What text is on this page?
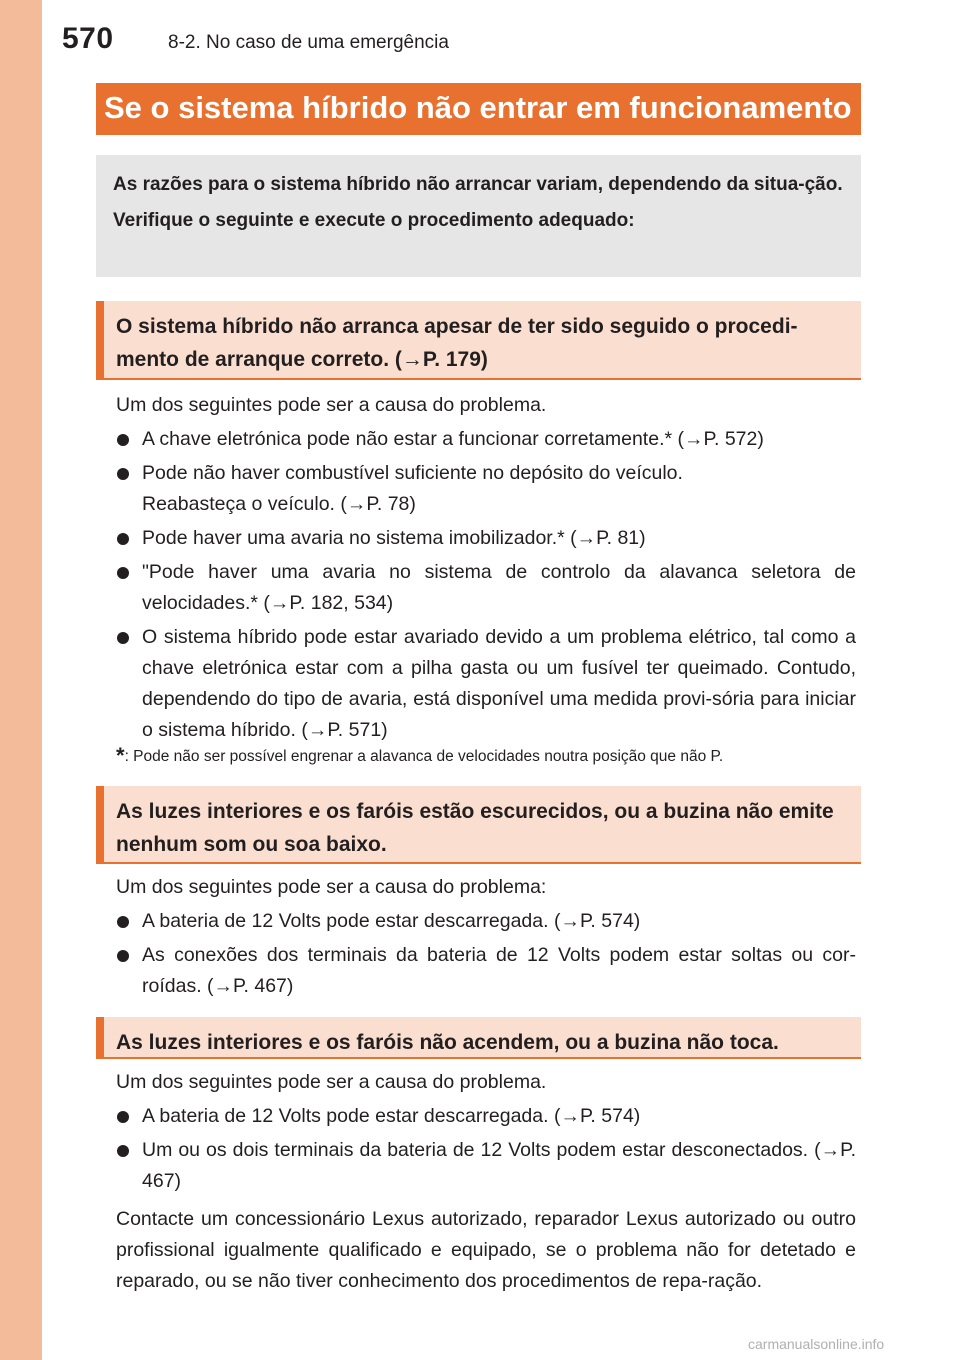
570	8-2. No caso de uma emergência
Se o sistema híbrido não entrar em funcionamento

As razões para o sistema híbrido não arrancar variam, dependendo da situa-ção.

Verifique o seguinte e execute o procedimento adequado:

O sistema híbrido não arranca apesar de ter sido seguido o procedi-mento de arranque correto. (→P. 179)

Um dos seguintes pode ser a causa do problema.

A chave eletrónica pode não estar a funcionar corretamente.* (→P. 572)
Pode não haver combustível suficiente no depósito do veículo.
Reabasteça o veículo. (→P. 78)
Pode haver uma avaria no sistema imobilizador.* (→P. 81)
"Pode haver uma avaria no sistema de controlo da alavanca seletora de velocidades.* (→P. 182, 534)
O sistema híbrido pode estar avariado devido a um problema elétrico, tal como a chave eletrónica estar com a pilha gasta ou um fusível ter queimado. Contudo, dependendo do tipo de avaria, está disponível uma medida provi-sória para iniciar o sistema híbrido. (→P. 571)
*: Pode não ser possível engrenar a alavanca de velocidades noutra posição que não P.
As luzes interiores e os faróis estão escurecidos, ou a buzina não emite nenhum som ou soa baixo.

Um dos seguintes pode ser a causa do problema:

A bateria de 12 Volts pode estar descarregada. (→P. 574)
As conexões dos terminais da bateria de 12 Volts podem estar soltas ou cor-roídas. (→P. 467)
As luzes interiores e os faróis não acendem, ou a buzina não toca.

Um dos seguintes pode ser a causa do problema.

A bateria de 12 Volts pode estar descarregada. (→P. 574)
Um ou os dois terminais da bateria de 12 Volts podem estar desconectados. (→P. 467)

Contacte um concessionário Lexus autorizado, reparador Lexus autorizado ou outro profissional igualmente qualificado e equipado, se o problema não for detetado e reparado, ou se não tiver conhecimento dos procedimentos de repa-ração.

carmanualsonline.info
